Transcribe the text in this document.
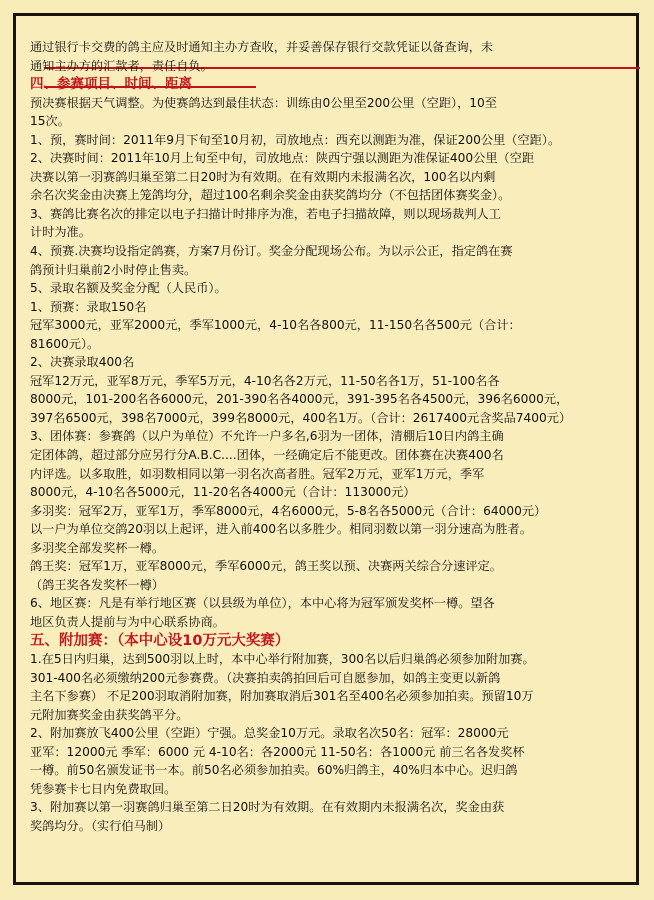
通过银行卡交费的鸽主应及时通知主办方查收，并妥善保存银行交款凭证以备查询，未
通知主办方的汇款者，责任自负。
四、参赛项目、时间、距离
预决赛根据天气调整。为使赛鸽达到最佳状态：训练由0公里至200公里（空距），10至
15次。
1、预，赛时间：2011年9月下旬至10月初，司放地点：西充以测距为准，保证200公里（空距）。
2、决赛时间：2011年10月上旬至中旬，司放地点：陕西宁强以测距为准保证400公里（空距
决赛以第一羽赛鸽归巢至第二日20时为有效期。在有效期内未报满名次，100名以内剩
余名次奖金由决赛上笼鸽均分，超过100名剩余奖金由获奖鸽均分（不包括团体赛奖金）。
3、赛鸽比赛名次的排定以电子扫描计时排序为准，若电子扫描故障，则以现场裁判人工
计时为准。
4、预赛.决赛均设指定鸽赛，方案7月份订。奖金分配现场公布。为以示公正，指定鸽在赛
鸽预计归巢前2小时停止售卖。
5、录取名额及奖金分配（人民币）。
1、预赛：录取150名
冠军3000元，亚军2000元，季军1000元，4-10名各800元，11-150名各500元（合计：
81600元）。
2、决赛录取400名
冠军12万元，亚军8万元，季军5万元，4-10名各2万元，11-50名各1万，51-100名各
8000元，101-200名各6000元，201-390名各4000元，391-395名各4500元，396名6000元，
397名6500元，398名7000元，399名8000元，400名1万。（合计：2617400元含奖品7400元）
3、团体赛：参赛鸽（以户为单位）不允许一户多名,6羽为一团体，清棚后10日内鸽主确
定团体鸽，超过部分应另行分A.B.C....团体，一经确定后不能更改。团体赛在决赛400名
内评选。以多取胜，如羽数相同以第一羽名次高者胜。冠军2万元，亚军1万元，季军
8000元，4-10名各5000元，11-20名各4000元（合计：113000元）
多羽奖：冠军2万，亚军1万，季军8000元，4名6000元，5-8名各5000元（合计：64000元）
以一户为单位交鸽20羽以上起评，进入前400名以多胜少。相同羽数以第一羽分速高为胜者。
多羽奖全部发奖杯一樽。
鸽王奖：冠军1万，亚军8000元，季军6000元，鸽王奖以预、决赛两关综合分速评定。
（鸽王奖各发奖杯一樽）
6、地区赛：凡是有举行地区赛（以县级为单位），本中心将为冠军颁发奖杯一樽。望各
地区负责人提前与为中心联系协商。
五、附加赛：（本中心设10万元大奖赛）
1.在5日内归巢，达到500羽以上时，本中心举行附加赛，300名以后归巢鸽必须参加附加赛。
301-400名必须缴纳200元参赛费。（决赛拍卖鸽拍回后可自愿参加，如鸽主变更以新鸽
主名下参赛） 不足200羽取消附加赛，附加赛取消后301名至400名必须参加拍卖。预留10万
元附加赛奖金由获奖鸽平分。
2、附加赛放飞400公里（空距）宁强。总奖金10万元。录取名次50名：冠军：28000元
亚军：12000元 季军：6000 元 4-10名：各2000元 11-50名：各1000元 前三名各发奖杯
一樽。前50名颁发证书一本。前50名必须参加拍卖。60%归鸽主，40%归本中心。迟归鸽
凭参赛卡七日内免费取回。
3、附加赛以第一羽赛鸽归巢至第二日20时为有效期。在有效期内未报满名次，奖金由获
奖鸽均分。（实行伯马制）
